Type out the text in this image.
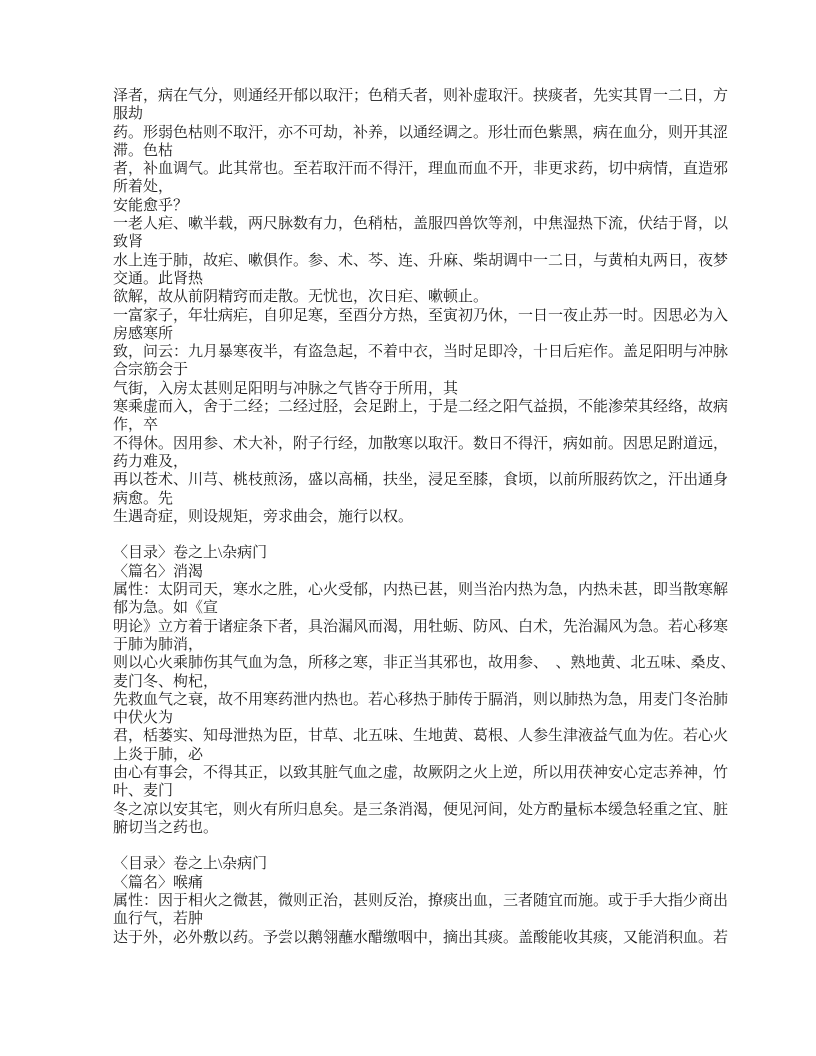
泽者，病在气分，则通经开郁以取汗；色稍夭者，则补虚取汗。挟痰者，先实其胃一二日，方
服劫
药。形弱色枯则不取汗，亦不可劫，补养，以通经调之。形壮而色紫黑，病在血分，则开其涩
滞。色枯
者，补血调气。此其常也。至若取汗而不得汗，理血而血不开，非更求药，切中病情，直造邪
所着处，
安能愈乎？
一老人疟、嗽半载，两尺脉数有力，色稍枯，盖服四兽饮等剂，中焦湿热下流，伏结于肾，以
致肾
水上连于肺，故疟、嗽俱作。参、术、芩、连、升麻、柴胡调中一二日，与黄柏丸两日，夜梦
交通。此肾热
欲解，故从前阴精窍而走散。无忧也，次日疟、嗽顿止。
一富家子，年壮病疟，自卯足寒，至酉分方热，至寅初乃休，一日一夜止苏一时。因思必为入
房感寒所
致，问云：九月暴寒夜半，有盗急起，不着中衣，当时足即冷，十日后疟作。盖足阳明与冲脉
合宗筋会于
气街，入房太甚则足阳明与冲脉之气皆夺于所用，其
寒乘虚而入，舍于二经；二经过胫，会足跗上，于是二经之阳气益损，不能渗荣其经络，故病
作，卒
不得休。因用参、术大补，附子行经，加散寒以取汗。数日不得汗，病如前。因思足跗道远，
药力难及，
再以苍术、川芎、桃枝煎汤，盛以高桶，扶坐，浸足至膝，食顷，以前所服药饮之，汗出通身
病愈。先
生遇奇症，则设规矩，旁求曲会，施行以权。

〈目录〉卷之上\杂病门
〈篇名〉消渴
属性：太阴司天，寒水之胜，心火受郁，内热已甚，则当治内热为急，内热未甚，即当散寒解
郁为急。如《宣
明论》立方着于诸症条下者，具治漏风而渴，用牡蛎、防风、白术，先治漏风为急。若心移寒
于肺为肺消，
则以心火乘肺伤其气血为急，所移之寒，非正当其邪也，故用参、　、熟地黄、北五味、桑皮、
麦门冬、枸杞，
先救血气之衰，故不用寒药泄内热也。若心移热于肺传于膈消，则以肺热为急，用麦门冬治肺
中伏火为
君，栝蒌实、知母泄热为臣，甘草、北五味、生地黄、葛根、人参生津液益气血为佐。若心火
上炎于肺，必
由心有事会，不得其正，以致其脏气血之虚，故厥阴之火上逆，所以用茯神安心定志养神，竹
叶、麦门
冬之凉以安其宅，则火有所归息矣。是三条消渴，便见河间，处方酌量标本缓急轻重之宜、脏
腑切当之药也。

〈目录〉卷之上\杂病门
〈篇名〉喉痛
属性：因于相火之微甚，微则正治，甚则反治，撩痰出血，三者随宜而施。或于手大指少商出
血行气，若肿
达于外，必外敷以药。予尝以鹅翎蘸水醋缴咽中，摘出其痰。盖酸能收其痰，又能消积血。若
